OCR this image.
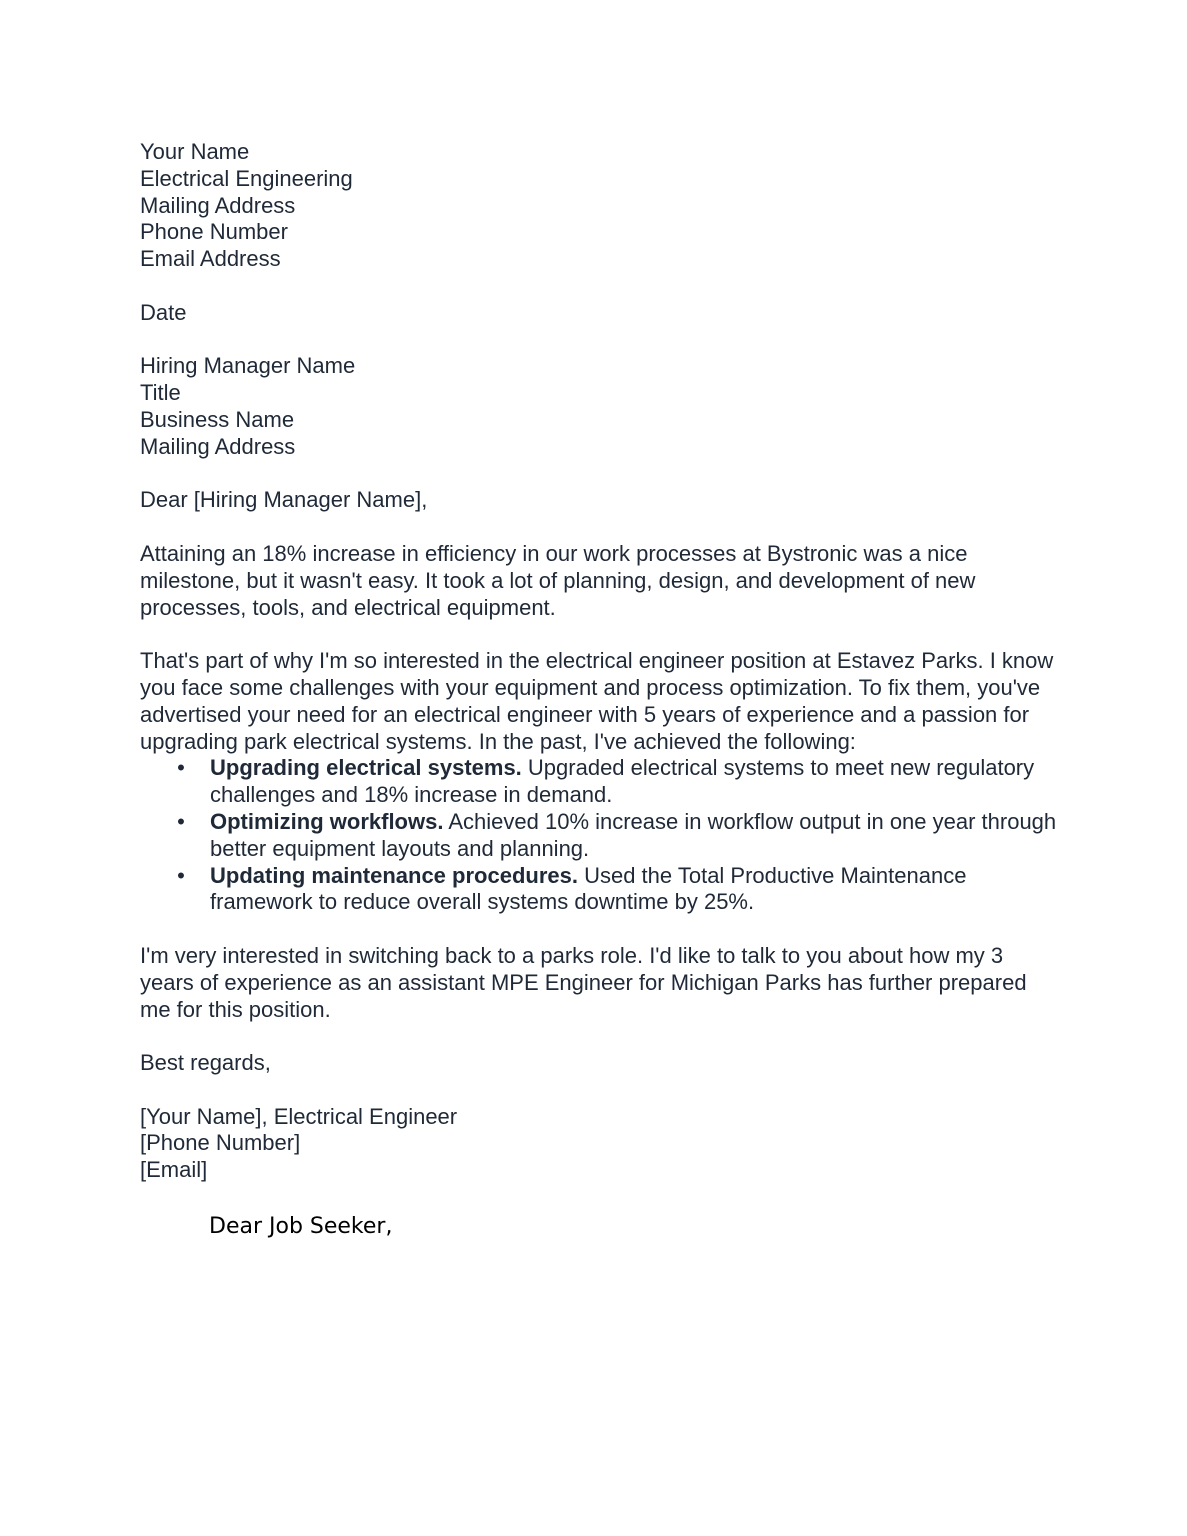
Your Name
Electrical Engineering
Mailing Address
Phone Number
Email Address
Date
Hiring Manager Name
Title
Business Name
Mailing Address
Dear [Hiring Manager Name],

Attaining an 18% increase in efficiency in our work processes at Bystronic was a nice milestone, but it wasn't easy. It took a lot of planning, design, and development of new processes, tools, and electrical equipment.

That's part of why I'm so interested in the electrical engineer position at Estavez Parks. I know you face some challenges with your equipment and process optimization. To fix them, you've advertised your need for an electrical engineer with 5 years of experience and a passion for upgrading park electrical systems. In the past, I've achieved the following:

• Upgrading electrical systems. Upgraded electrical systems to meet new regulatory challenges and 18% increase in demand.
• Optimizing workflows. Achieved 10% increase in workflow output in one year through better equipment layouts and planning.
• Updating maintenance procedures. Used the Total Productive Maintenance framework to reduce overall systems downtime by 25%.

I'm very interested in switching back to a parks role. I'd like to talk to you about how my 3 years of experience as an assistant MPE Engineer for Michigan Parks has further prepared me for this position.

Best regards,
[Your Name], Electrical Engineer
[Phone Number]
[Email]
Dear Job Seeker,
